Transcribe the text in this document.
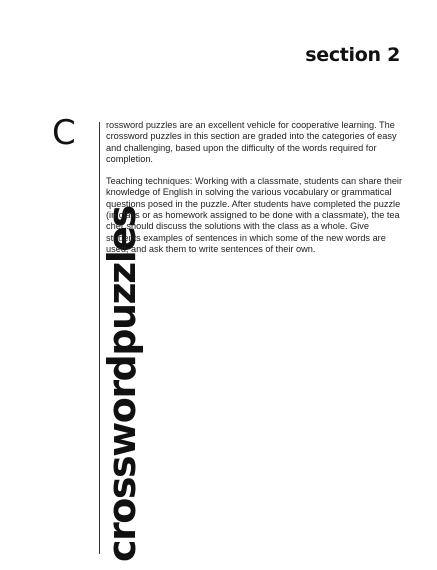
section 2
C
crosswordpuzzles

rossword puzzles are an excellent vehicle for cooperative learning. The crossword puzzles in this section are graded into the categories of easy and challenging, based upon the difficulty of the words required for completion.

Teaching techniques: Working with a classmate, students can share their knowledge of English in solving the various vocabulary or grammatical questions posed in the puzzle. After students have completed the puzzle (in class or as homework assigned to be done with a classmate), the tea cher should discuss the solutions with the class as a whole. Give students examples of sentences in which some of the new words are used, and ask them to write sentences of their own.
